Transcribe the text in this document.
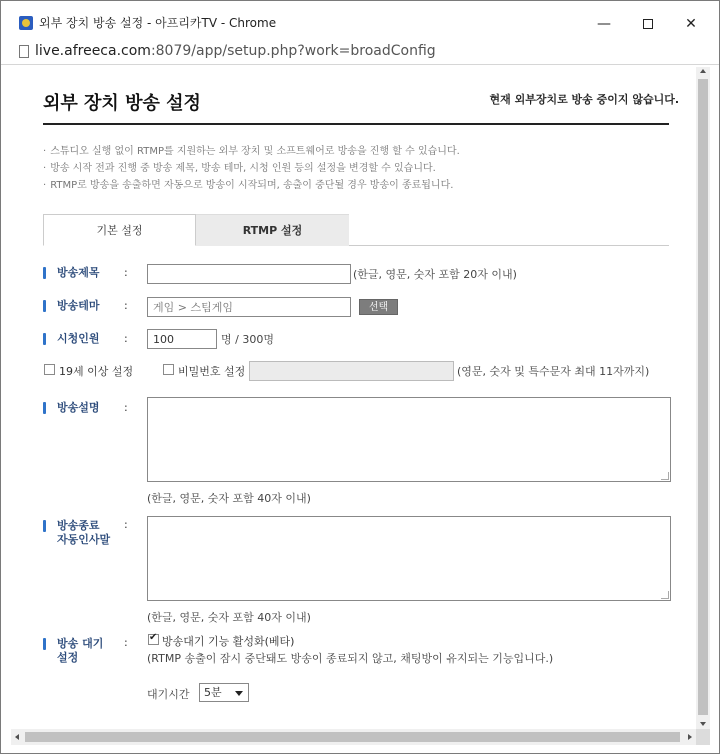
외부 장치 방송 설정 - 아프리카TV - Chrome	—	✕
live.afreeca.com:8079/app/setup.php?work=broadConfig
외부 장치 방송 설정	현재 외부장치로 방송 중이지 않습니다.
· 스튜디오 실행 없이 RTMP를 지원하는 외부 장치 및 소프트웨어로 방송을 진행 할 수 있습니다.
· 방송 시작 전과 진행 중 방송 제목, 방송 테마, 시청 인원 등의 설정을 변경할 수 있습니다.
· RTMP로 방송을 송출하면 자동으로 방송이 시작되며, 송출이 중단될 경우 방송이 종료됩니다.
기본 설정	RTMP 설정
방송제목 :	(한글, 영문, 숫자 포함 20자 이내)
방송테마 :	게임 > 스팀게임	선택
시청인원 :	100	명 / 300명
19세 이상 설정	비밀번호 설정	(영문, 숫자 및 특수문자 최대 11자까지)
방송설명 :
(한글, 영문, 숫자 포함 40자 이내)
방송종료
자동인사말
:
(한글, 영문, 숫자 포함 40자 이내)
방송 대기
설정
:
✔	방송대기 기능 활성화(베타)
(RTMP 송출이 잠시 중단돼도 방송이 종료되지 않고, 채팅방이 유지되는 기능입니다.)
대기시간	5분
